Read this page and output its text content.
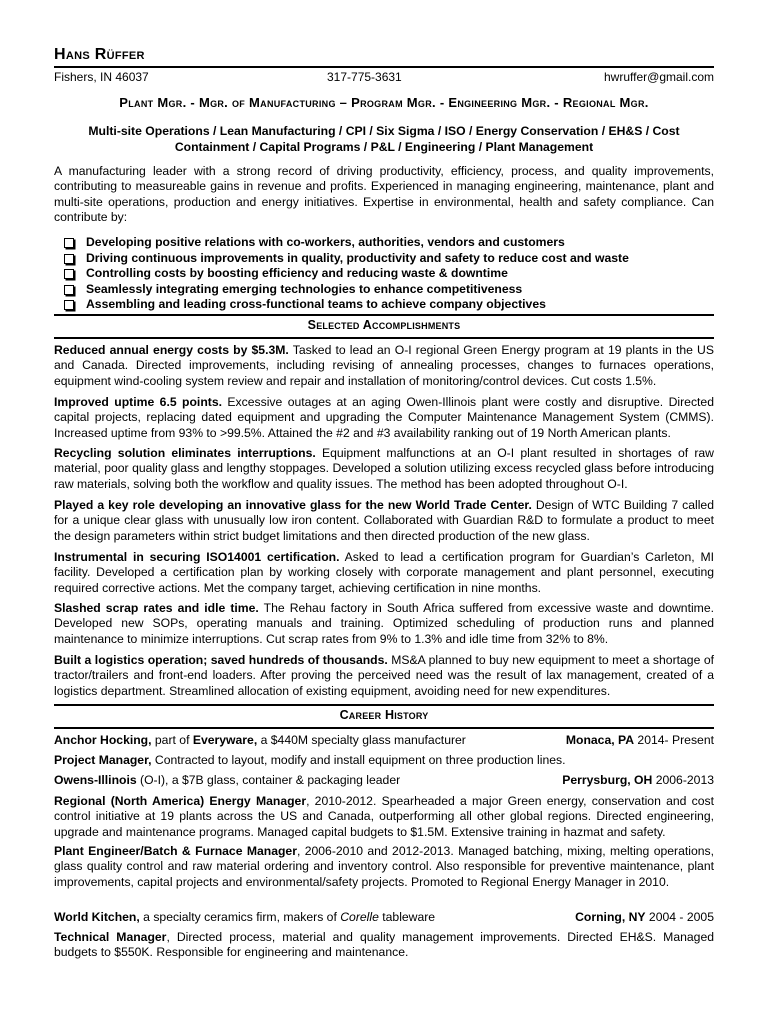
Hans Rüffer
Fishers, IN 46037	317-775-3631	hwruffer@gmail.com
Plant Mgr. - Mgr. of Manufacturing – Program Mgr. - Engineering Mgr. - Regional Mgr.
Multi-site Operations / Lean Manufacturing / CPI / Six Sigma / ISO / Energy Conservation / EH&S / Cost
Containment / Capital Programs / P&L / Engineering / Plant Management
A manufacturing leader with a strong record of driving productivity, efficiency, process, and quality improvements, contributing to measureable gains in revenue and profits. Experienced in managing engineering, maintenance, plant and multi-site operations, production and energy initiatives. Expertise in environmental, health and safety compliance. Can contribute by:
Developing positive relations with co-workers, authorities, vendors and customers
Driving continuous improvements in quality, productivity and safety to reduce cost and waste
Controlling costs by boosting efficiency and reducing waste & downtime
Seamlessly integrating emerging technologies to enhance competitiveness
Assembling and leading cross-functional teams to achieve company objectives
Selected Accomplishments
Reduced annual energy costs by $5.3M. Tasked to lead an O-I regional Green Energy program at 19 plants in the US and Canada. Directed improvements, including revising of annealing processes, changes to furnaces operations, equipment wind-cooling system review and repair and installation of monitoring/control devices. Cut costs 1.5%.
Improved uptime 6.5 points. Excessive outages at an aging Owen-Illinois plant were costly and disruptive. Directed capital projects, replacing dated equipment and upgrading the Computer Maintenance Management System (CMMS). Increased uptime from 93% to >99.5%. Attained the #2 and #3 availability ranking out of 19 North American plants.
Recycling solution eliminates interruptions. Equipment malfunctions at an O-I plant resulted in shortages of raw material, poor quality glass and lengthy stoppages. Developed a solution utilizing excess recycled glass before introducing raw materials, solving both the workflow and quality issues. The method has been adopted throughout O-I.
Played a key role developing an innovative glass for the new World Trade Center. Design of WTC Building 7 called for a unique clear glass with unusually low iron content. Collaborated with Guardian R&D to formulate a product to meet the design parameters within strict budget limitations and then directed production of the new glass.
Instrumental in securing ISO14001 certification. Asked to lead a certification program for Guardian’s Carleton, MI facility. Developed a certification plan by working closely with corporate management and plant personnel, executing required corrective actions. Met the company target, achieving certification in nine months.
Slashed scrap rates and idle time. The Rehau factory in South Africa suffered from excessive waste and downtime. Developed new SOPs, operating manuals and training. Optimized scheduling of production runs and planned maintenance to minimize interruptions. Cut scrap rates from 9% to 1.3% and idle time from 32% to 8%.
Built a logistics operation; saved hundreds of thousands. MS&A planned to buy new equipment to meet a shortage of tractor/trailers and front-end loaders. After proving the perceived need was the result of lax management, created of a logistics department. Streamlined allocation of existing equipment, avoiding need for new expenditures.
Career History
Anchor Hocking, part of Everyware, a $440M specialty glass manufacturer	Monaca, PA 2014- Present
Project Manager, Contracted to layout, modify and install equipment on three production lines.
Owens-Illinois (O-I), a $7B glass, container & packaging leader	Perrysburg, OH 2006-2013
Regional (North America) Energy Manager, 2010-2012. Spearheaded a major Green energy, conservation and cost control initiative at 19 plants across the US and Canada, outperforming all other global regions. Directed engineering, upgrade and maintenance programs. Managed capital budgets to $1.5M. Extensive training in hazmat and safety.
Plant Engineer/Batch & Furnace Manager, 2006-2010 and 2012-2013. Managed batching, mixing, melting operations, glass quality control and raw material ordering and inventory control. Also responsible for preventive maintenance, plant improvements, capital projects and environmental/safety projects. Promoted to Regional Energy Manager in 2010.
World Kitchen, a specialty ceramics firm, makers of Corelle tableware	Corning, NY 2004 - 2005
Technical Manager, Directed process, material and quality management improvements. Directed EH&S. Managed budgets to $550K. Responsible for engineering and maintenance.
